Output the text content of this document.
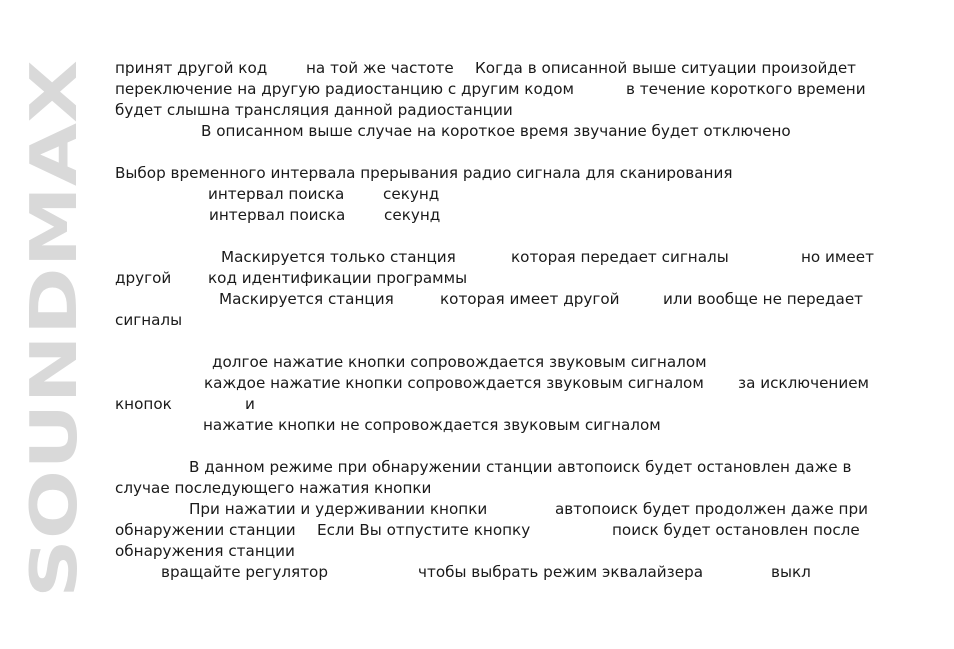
SOUNDMAX
принят другой код	на той же частоте Когда в описанной выше ситуации произойдет
переключение на другую радиостанцию с другим кодом	в течение короткого времени
будет слышна трансляция данной радиостанции
В описанном выше случае на короткое время звучание будет отключено
Выбор временного интервала прерывания радио сигнала для сканирования
интервал поиска	секунд
интервал поиска	секунд
Маскируется только станция	которая передает сигналы	но имеет
другой код идентификации программы
Маскируется станция	которая имеет другой	или вообще не передает
сигналы
долгое нажатие кнопки сопровождается звуковым сигналом
каждое нажатие кнопки сопровождается звуковым сигналом за исключением
кнопок	и
нажатие кнопки не сопровождается звуковым сигналом
В данном режиме при обнаружении станции автопоиск будет остановлен даже в
случае последующего нажатия кнопки
При нажатии и удерживании кнопки	автопоиск будет продолжен даже при
обнаружении станции Если Вы отпустите кнопку	поиск будет остановлен после
обнаружения станции
вращайте регулятор	чтобы выбрать режим эквалайзера	выкл
